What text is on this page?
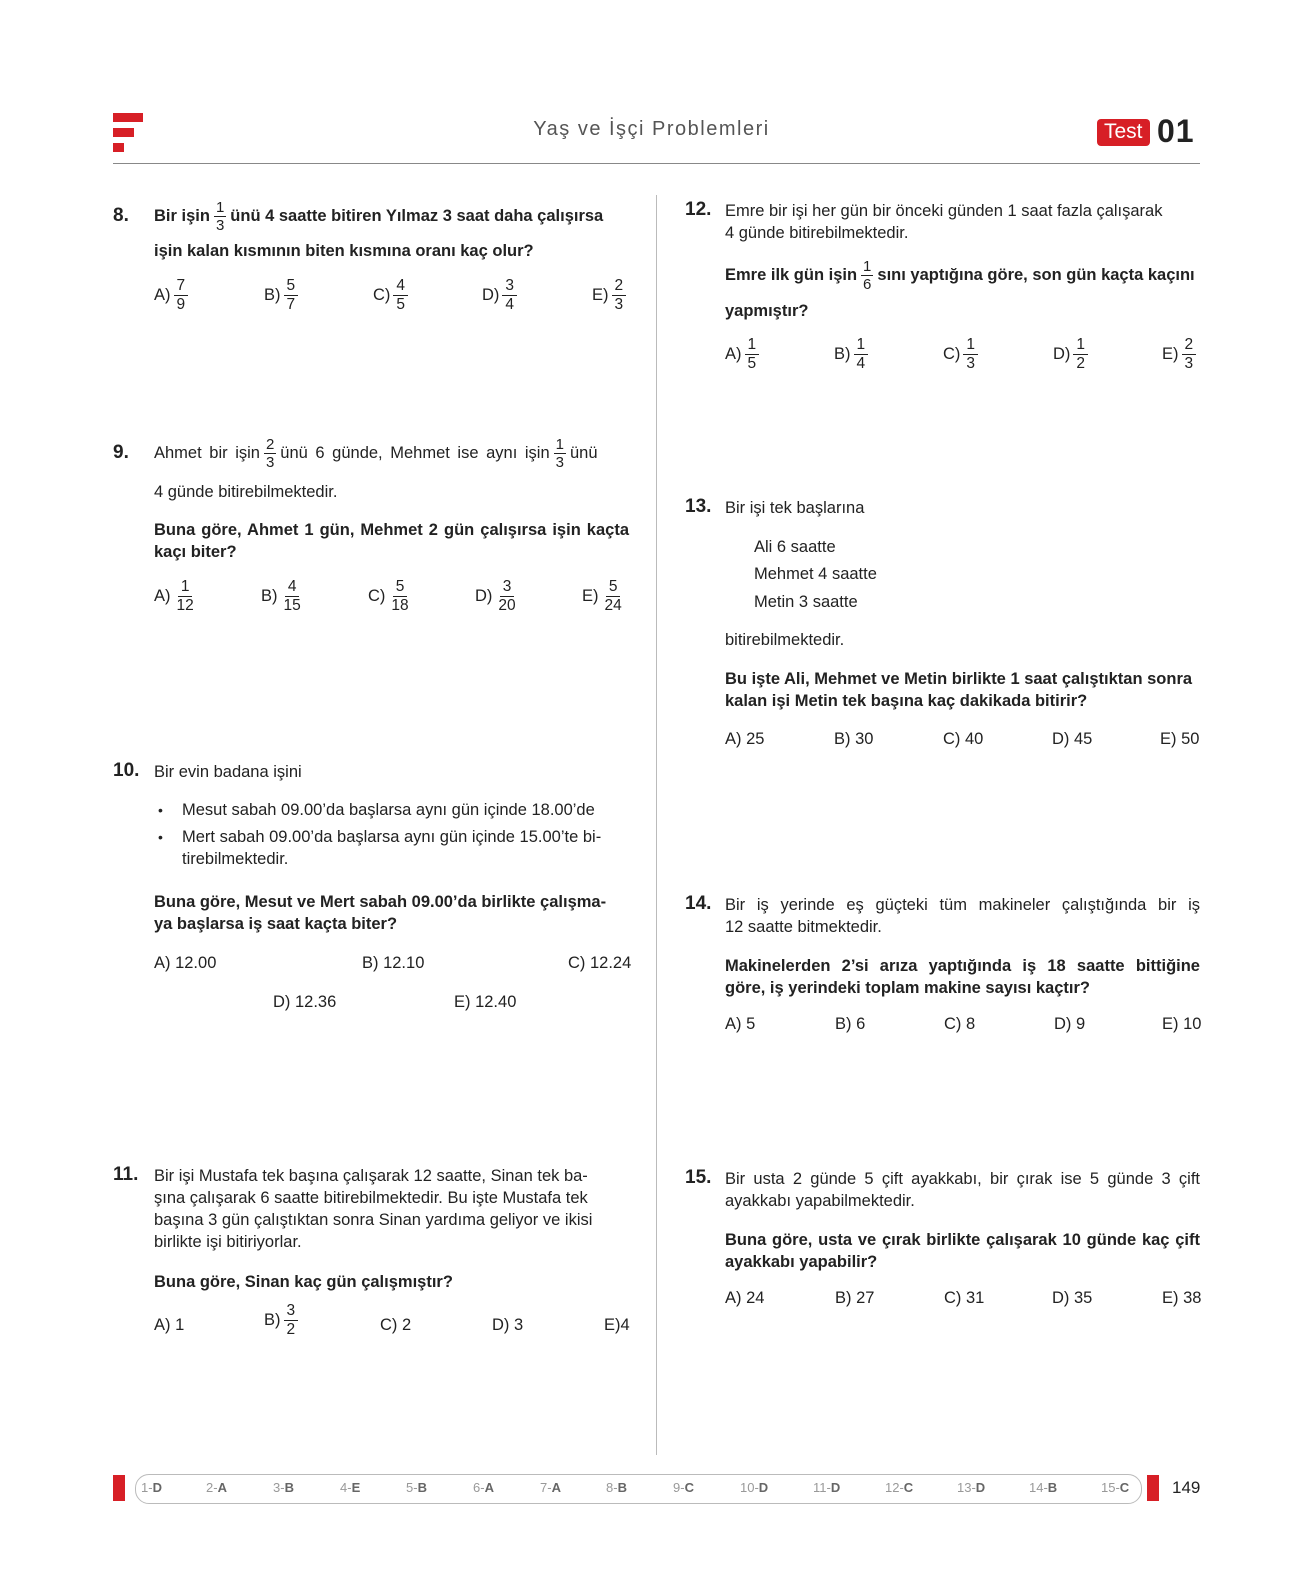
Yaş ve İşçi Problemleri	Test 01
8. Bir işin $\frac{1}{3}$ ünü 4 saatte bitiren Yılmaz 3 saat daha çalışırsa
işin kalan kısmının biten kısmına oranı kaç olur?
$A) \frac{7}{9}$	$B) \frac{5}{7}$	$C) \frac{4}{5}$	$D) \frac{3}{4}$	$E) \frac{2}{3}$
9. Ahmet bir işin $\frac{2}{3}$ ünü 6 günde, Mehmet ise aynı işin $\frac{1}{3}$ ünü
4 günde bitirebilmektedir.
Buna göre, Ahmet 1 gün, Mehmet 2 gün çalışırsa işin kaçta kaçı biter?
$A) \frac{1}{12}$	$B) \frac{4}{15}$	$C) \frac{5}{18}$	$D) \frac{3}{20}$	$E) \frac{5}{24}$
10. Bir evin badana işini
• Mesut sabah 09.00’da başlarsa aynı gün içinde 18.00’de
• Mert sabah 09.00’da başlarsa aynı gün içinde 15.00’te bi-
tirebilmektedir.
Buna göre, Mesut ve Mert sabah 09.00’da birlikte çalışma-
ya başlarsa iş saat kaçta biter?
A) 12.00	B) 12.10	C) 12.24
D) 12.36	E) 12.40
11. Bir işi Mustafa tek başına çalışarak 12 saatte, Sinan tek ba-
şına çalışarak 6 saatte bitirebilmektedir. Bu işte Mustafa tek
başına 3 gün çalıştıktan sonra Sinan yardıma geliyor ve ikisi
birlikte işi bitiriyorlar.
Buna göre, Sinan kaç gün çalışmıştır?
A) 1	$B) \frac{3}{2}$	C) 2	D) 3	E)4
12. Emre bir işi her gün bir önceki günden 1 saat fazla çalışarak
4 günde bitirebilmektedir.
Emre ilk gün işin $\frac{1}{6}$ sını yaptığına göre, son gün kaçta kaçını
yapmıştır?
$A) \frac{1}{5}$	$B) \frac{1}{4}$	$C) \frac{1}{3}$	$D) \frac{1}{2}$	$E) \frac{2}{3}$
13. Bir işi tek başlarına
Ali 6 saatte
Mehmet 4 saatte
Metin 3 saatte
bitirebilmektedir.
Bu işte Ali, Mehmet ve Metin birlikte 1 saat çalıştıktan sonra
kalan işi Metin tek başına kaç dakikada bitirir?
A) 25	B) 30	C) 40	D) 45	E) 50
14. Bir iş yerinde eş güçteki tüm makineler çalıştığında bir iş
12 saatte bitmektedir.
Makinelerden 2’si arıza yaptığında iş 18 saatte bittiğine
göre, iş yerindeki toplam makine sayısı kaçtır?
A) 5	B) 6	C) 8	D) 9	E) 10
15. Bir usta 2 günde 5 çift ayakkabı, bir çırak ise 5 günde 3 çift
ayakkabı yapabilmektedir.
Buna göre, usta ve çırak birlikte çalışarak 10 günde kaç çift
ayakkabı yapabilir?
A) 24	B) 27	C) 31	D) 35	E) 38
1-D	2-A	3-B	4-E	5-B	6-A	7-A	8-B	9-C	10-D	11-D	12-C	13-D	14-B	15-C	149
